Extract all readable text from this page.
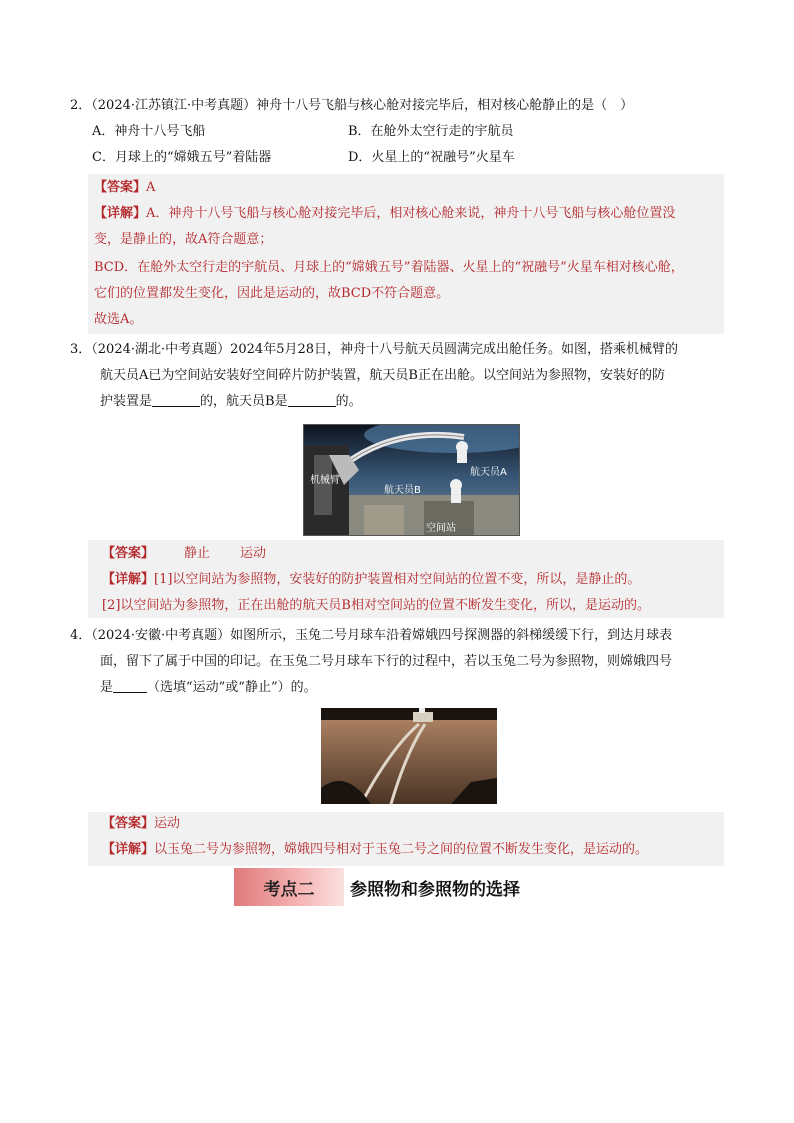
2．（2024·江苏镇江·中考真题）神舟十八号飞船与核心舱对接完毕后，相对核心舱静止的是（　）
A．神舟十八号飞船	B．在舱外太空行走的宇航员
C．月球上的“嫦娥五号”着陆器	D．火星上的“祝融号”火星车
【答案】A
【详解】A．神舟十八号飞船与核心舱对接完毕后，相对核心舱来说，神舟十八号飞船与核心舱位置没
变，是静止的，故A符合题意；
BCD．在舱外太空行走的宇航员、月球上的“嫦娥五号”着陆器、火星上的“祝融号”火星车相对核心舱，
它们的位置都发生变化，因此是运动的，故BCD不符合题意。
故选A。
3．（2024·湖北·中考真题）2024年5月28日，神舟十八号航天员圆满完成出舱任务。如图，搭乘机械臂的
航天员A已为空间站安装好空间碎片防护装置，航天员B正在出舱。以空间站为参照物，安装好的防
护装置是	的，航天员B是	的。
航天员A
机械臂
航天员B
空间站
【答案】 静止 运动
【详解】[1]以空间站为参照物，安装好的防护装置相对空间站的位置不变，所以，是静止的。
[2]以空间站为参照物，正在出舱的航天员B相对空间站的位置不断发生变化，所以，是运动的。
4．（2024·安徽·中考真题）如图所示，玉兔二号月球车沿着嫦娥四号探测器的斜梯缓缓下行，到达月球表
面，留下了属于中国的印记。在玉兔二号月球车下行的过程中，若以玉兔二号为参照物，则嫦娥四号
是	（选填“运动”或“静止”）的。
【答案】运动
【详解】以玉兔二号为参照物，嫦娥四号相对于玉兔二号之间的位置不断发生变化，是运动的。
考点二	参照物和参照物的选择
